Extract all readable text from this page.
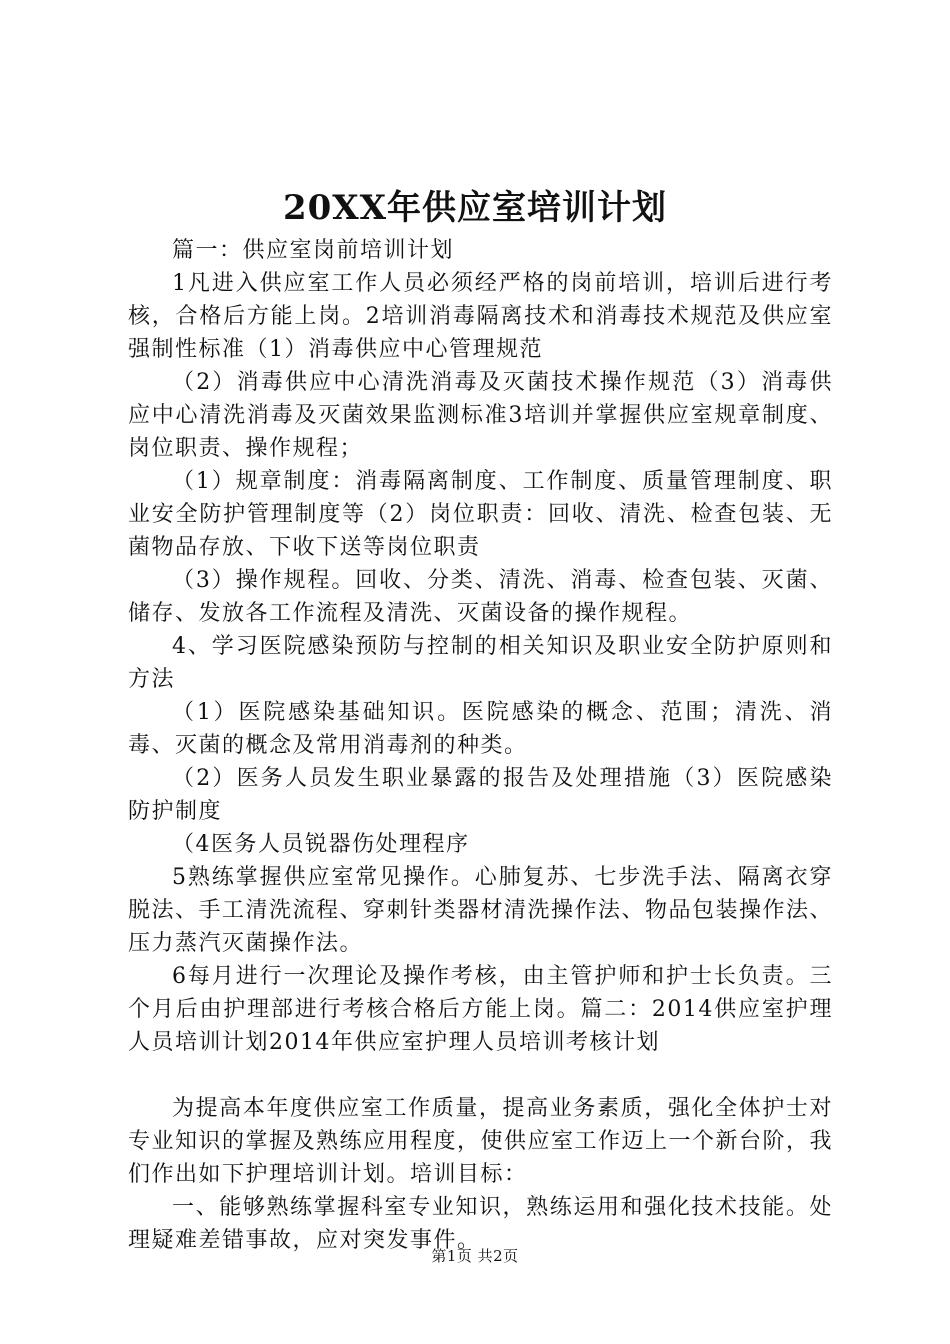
20XX年供应室培训计划

篇一：供应室岗前培训计划

1凡进入供应室工作人员必须经严格的岗前培训，培训后进行考核，合格后方能上岗。2培训消毒隔离技术和消毒技术规范及供应室强制性标准（1）消毒供应中心管理规范

（2）消毒供应中心清洗消毒及灭菌技术操作规范（3）消毒供应中心清洗消毒及灭菌效果监测标准3培训并掌握供应室规章制度、岗位职责、操作规程；

（1）规章制度：消毒隔离制度、工作制度、质量管理制度、职业安全防护管理制度等（2）岗位职责：回收、清洗、检查包装、无菌物品存放、下收下送等岗位职责

（3）操作规程。回收、分类、清洗、消毒、检查包装、灭菌、储存、发放各工作流程及清洗、灭菌设备的操作规程。

4、学习医院感染预防与控制的相关知识及职业安全防护原则和方法

（1）医院感染基础知识。医院感染的概念、范围；清洗、消毒、灭菌的概念及常用消毒剂的种类。

（2）医务人员发生职业暴露的报告及处理措施（3）医院感染防护制度

（4医务人员锐器伤处理程序

5熟练掌握供应室常见操作。心肺复苏、七步洗手法、隔离衣穿脱法、手工清洗流程、穿刺针类器材清洗操作法、物品包装操作法、压力蒸汽灭菌操作法。

6每月进行一次理论及操作考核，由主管护师和护士长负责。三个月后由护理部进行考核合格后方能上岗。篇二：2014供应室护理人员培训计划2014年供应室护理人员培训考核计划

为提高本年度供应室工作质量，提高业务素质，强化全体护士对专业知识的掌握及熟练应用程度，使供应室工作迈上一个新台阶，我们作出如下护理培训计划。培训目标：

一、能够熟练掌握科室专业知识，熟练运用和强化技术技能。处理疑难差错事故，应对突发事件。

第1页 共2页
